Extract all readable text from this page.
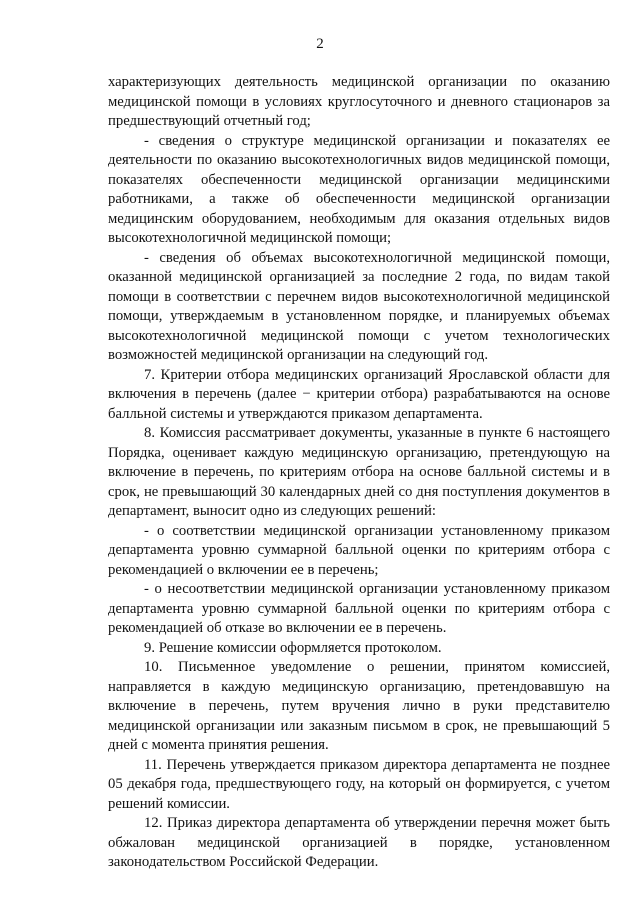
2

характеризующих деятельность медицинской организации по оказанию медицинской помощи в условиях круглосуточного и дневного стационаров за предшествующий отчетный год;

- сведения о структуре медицинской организации и показателях ее деятельности по оказанию высокотехнологичных видов медицинской помощи, показателях обеспеченности медицинской организации медицинскими работниками, а также об обеспеченности медицинской организации медицинским оборудованием, необходимым для оказания отдельных видов высокотехнологичной медицинской помощи;

- сведения об объемах высокотехнологичной медицинской помощи, оказанной медицинской организацией за последние 2 года, по видам такой помощи в соответствии с перечнем видов высокотехнологичной медицинской помощи, утверждаемым в установленном порядке, и планируемых объемах высокотехнологичной медицинской помощи с учетом технологических возможностей медицинской организации на следующий год.

7. Критерии отбора медицинских организаций Ярославской области для включения в перечень (далее − критерии отбора) разрабатываются на основе балльной системы и утверждаются приказом департамента.

8. Комиссия рассматривает документы, указанные в пункте 6 настоящего Порядка, оценивает каждую медицинскую организацию, претендующую на включение в перечень, по критериям отбора на основе балльной системы и в срок, не превышающий 30 календарных дней со дня поступления документов в департамент, выносит одно из следующих решений:

- о соответствии медицинской организации установленному приказом департамента уровню суммарной балльной оценки по критериям отбора с рекомендацией о включении ее в перечень;

- о несоответствии медицинской организации установленному приказом департамента уровню суммарной балльной оценки по критериям отбора с рекомендацией об отказе во включении ее в перечень.

9. Решение комиссии оформляется протоколом.

10. Письменное уведомление о решении, принятом комиссией, направляется в каждую медицинскую организацию, претендовавшую на включение в перечень, путем вручения лично в руки представителю медицинской организации или заказным письмом в срок, не превышающий 5 дней с момента принятия решения.

11. Перечень утверждается приказом директора департамента не позднее 05 декабря года, предшествующего году, на который он формируется, с учетом решений комиссии.

12. Приказ директора департамента об утверждении перечня может быть обжалован медицинской организацией в порядке, установленном законодательством Российской Федерации.
